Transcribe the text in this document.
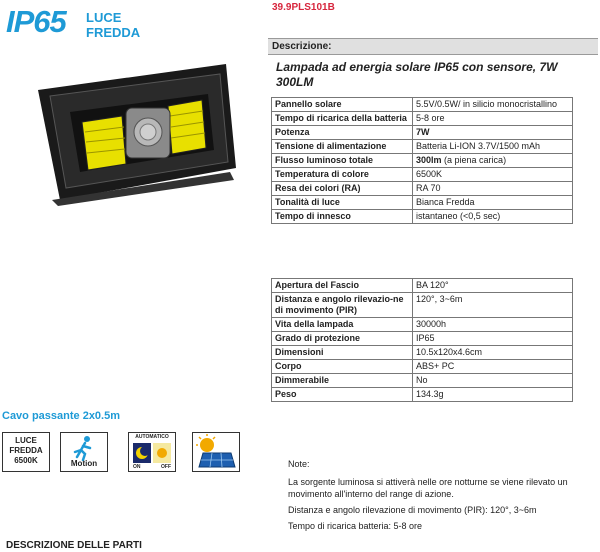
IP65 LUCE
FREDDA
39.9PLS101B
Cavo passante 2x0.5m
LUCE
FREDDA
6500K	Motion
AUTOMATICO
ON	OFF
DESCRIZIONE DELLE PARTI
Descrizione:
Lampada ad energia solare IP65 con sensore, 7W 300LM
Pannello solare	5.5V/0.5W/ in silicio monocristallino
Tempo di ricarica della batteria	5-8 ore
Potenza	7W
Tensione di alimentazione	Batteria Li-ION 3.7V/1500 mAh
Flusso luminoso totale	300lm (a piena carica)
Temperatura di colore	6500K
Resa dei colori (RA)	RA 70
Tonalità di luce	Bianca Fredda
Tempo di innesco	istantaneo (<0,5 sec)
Apertura del Fascio	BA 120°
Distanza e angolo rilevazio-ne di movimento (PIR)	120°, 3~6m
Vita della lampada	30000h
Grado di protezione	IP65
Dimensioni	10.5x120x4.6cm
Corpo	ABS+ PC
Dimmerabile	No
Peso	134.3g

Note:

La sorgente luminosa si attiverà nelle ore notturne se viene rilevato un movimento all'interno del range di azione.

Distanza e angolo rilevazione di movimento (PIR): 120°, 3~6m

Tempo di ricarica batteria: 5-8 ore
